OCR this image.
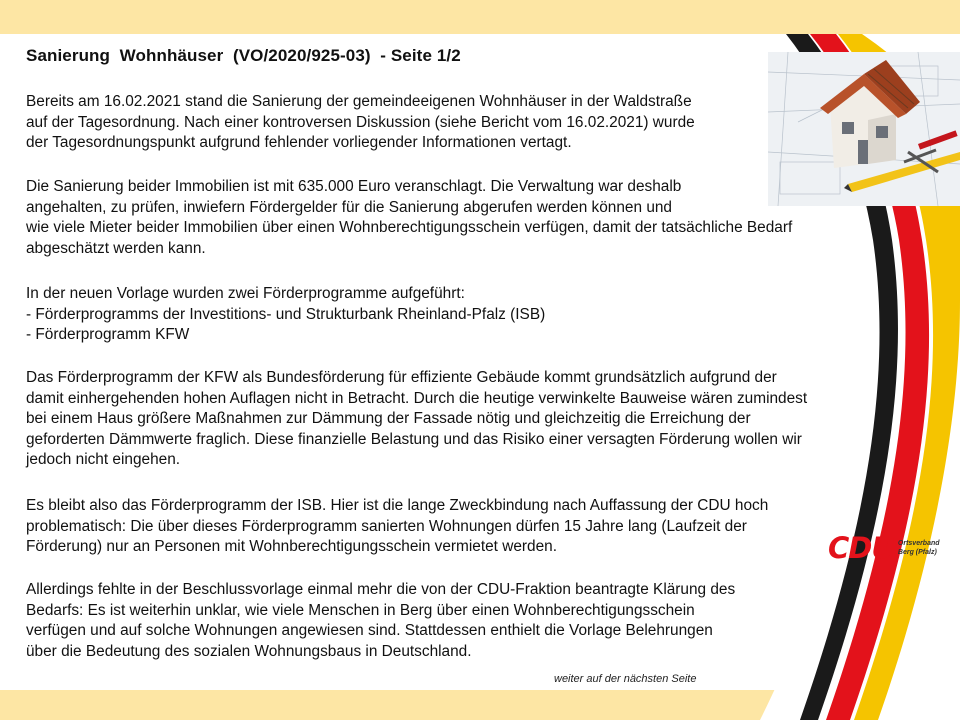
Sanierung  Wohnhäuser  (VO/2020/925-03)  - Seite 1/2

Bereits am 16.02.2021 stand die Sanierung der gemeindeeigenen Wohnhäuser in der Waldstraße
auf der Tagesordnung. Nach einer kontroversen Diskussion (siehe Bericht vom 16.02.2021) wurde
der Tagesordnungspunkt aufgrund fehlender vorliegender Informationen vertagt.

Die Sanierung beider Immobilien ist mit 635.000 Euro veranschlagt. Die Verwaltung war deshalb
angehalten, zu prüfen, inwiefern Fördergelder für die Sanierung abgerufen werden können und
wie viele Mieter beider Immobilien über einen Wohnberechtigungsschein verfügen, damit der tatsächliche Bedarf
abgeschätzt werden kann.

In der neuen Vorlage wurden zwei Förderprogramme aufgeführt:
- Förderprogramms der Investitions- und Strukturbank Rheinland-Pfalz (ISB)
- Förderprogramm KFW

Das Förderprogramm der KFW als Bundesförderung für effiziente Gebäude kommt grundsätzlich aufgrund der
damit einhergehenden hohen Auflagen nicht in Betracht. Durch die heutige verwinkelte Bauweise wären zumindest
bei einem Haus größere Maßnahmen zur Dämmung der Fassade nötig und gleichzeitig die Erreichung der
geforderten Dämmwerte fraglich. Diese finanzielle Belastung und das Risiko einer versagten Förderung wollen wir
jedoch nicht eingehen.

Es bleibt also das Förderprogramm der ISB. Hier ist die lange Zweckbindung nach Auffassung der CDU hoch
problematisch: Die über dieses Förderprogramm sanierten Wohnungen dürfen 15 Jahre lang (Laufzeit der
Förderung) nur an Personen mit Wohnberechtigungsschein vermietet werden.

Allerdings fehlte in der Beschlussvorlage einmal mehr die von der CDU-Fraktion beantragte Klärung des
Bedarfs: Es ist weiterhin unklar, wie viele Menschen in Berg über einen Wohnberechtigungsschein
verfügen und auf solche Wohnungen angewiesen sind. Stattdessen enthielt die Vorlage Belehrungen
über die Bedeutung des sozialen Wohnungsbaus in Deutschland.

CDU Ortsverband
Berg (Pfalz)
weiter auf der nächsten Seite
